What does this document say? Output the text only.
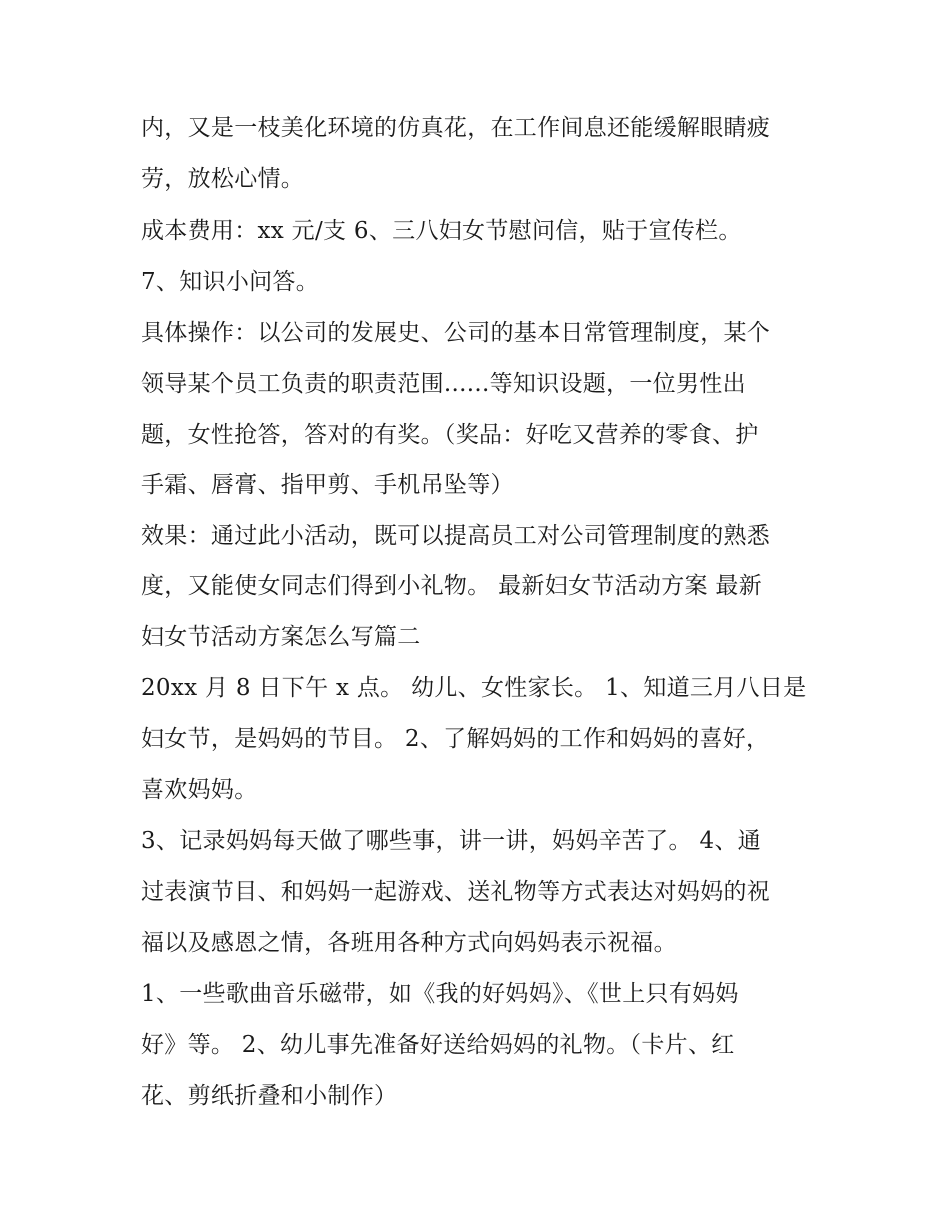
内，又是一枝美化环境的仿真花，在工作间息还能缓解眼睛疲
劳，放松心情。
成本费用：xx 元/支 6、三八妇女节慰问信，贴于宣传栏。
7、知识小问答。
具体操作：以公司的发展史、公司的基本日常管理制度，某个
领导某个员工负责的职责范围......等知识设题，一位男性出
题，女性抢答，答对的有奖。（奖品：好吃又营养的零食、护
手霜、唇膏、指甲剪、手机吊坠等）
效果：通过此小活动，既可以提高员工对公司管理制度的熟悉
度，又能使女同志们得到小礼物。 最新妇女节活动方案 最新
妇女节活动方案怎么写篇二
20xx 月 8 日下午 x 点。 幼儿、女性家长。 1、知道三月八日是
妇女节，是妈妈的节目。 2、了解妈妈的工作和妈妈的喜好，
喜欢妈妈。
3、记录妈妈每天做了哪些事，讲一讲，妈妈辛苦了。 4、通
过表演节目、和妈妈一起游戏、送礼物等方式表达对妈妈的祝
福以及感恩之情，各班用各种方式向妈妈表示祝福。
1、一些歌曲音乐磁带，如《我的好妈妈》、《世上只有妈妈
好》等。 2、幼儿事先准备好送给妈妈的礼物。（卡片、红
花、剪纸折叠和小制作）
